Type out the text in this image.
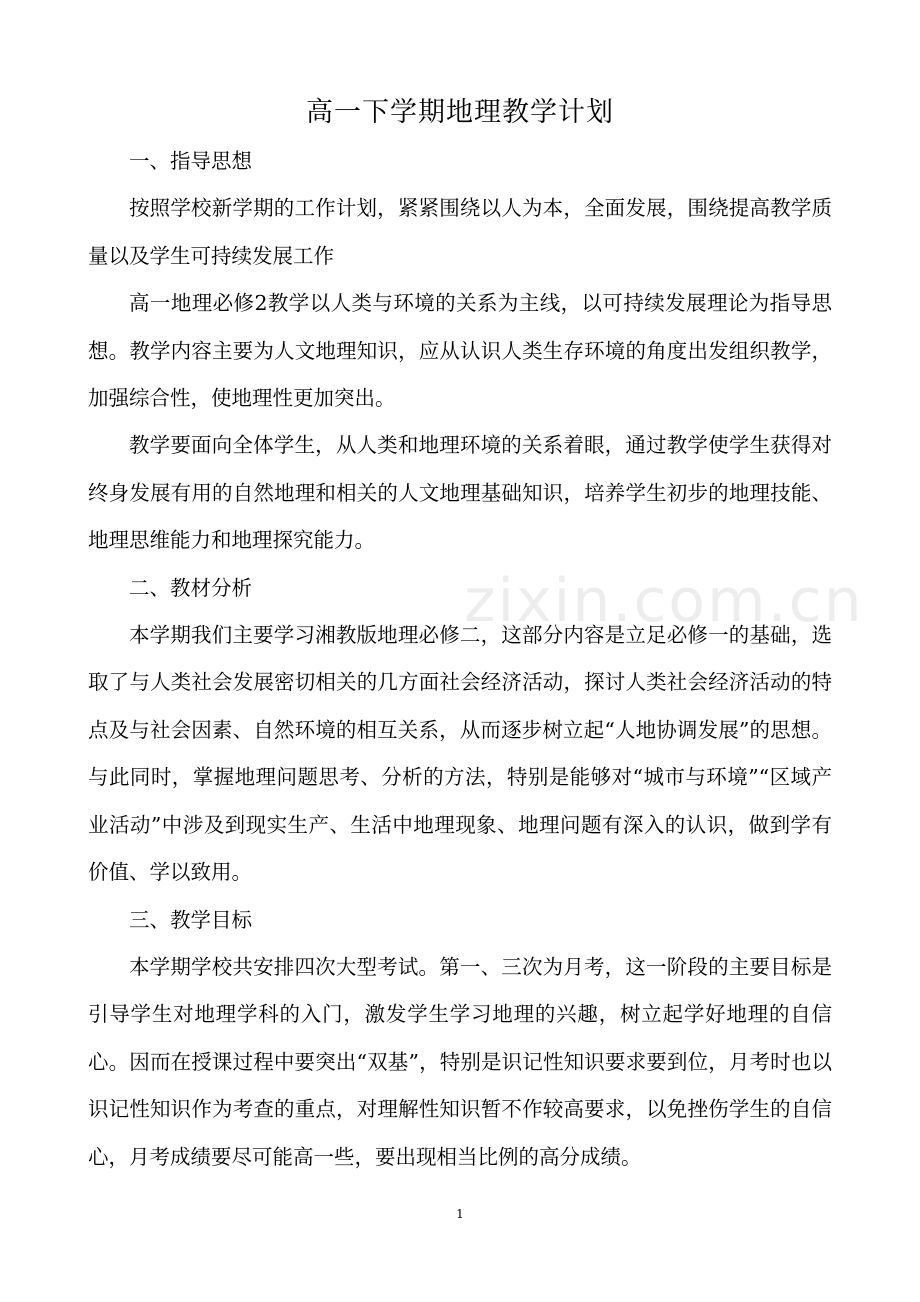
高一下学期地理教学计划

一、指导思想

按照学校新学期的工作计划，紧紧围绕以人为本，全面发展，围绕提高教学质量以及学生可持续发展工作

高一地理必修2教学以人类与环境的关系为主线，以可持续发展理论为指导思想。教学内容主要为人文地理知识，应从认识人类生存环境的角度出发组织教学，加强综合性，使地理性更加突出。

教学要面向全体学生，从人类和地理环境的关系着眼，通过教学使学生获得对终身发展有用的自然地理和相关的人文地理基础知识，培养学生初步的地理技能、地理思维能力和地理探究能力。

二、教材分析

本学期我们主要学习湘教版地理必修二，这部分内容是立足必修一的基础，选取了与人类社会发展密切相关的几方面社会经济活动，探讨人类社会经济活动的特点及与社会因素、自然环境的相互关系，从而逐步树立起“人地协调发展”的思想。与此同时，掌握地理问题思考、分析的方法，特别是能够对“城市与环境”“区域产业活动”中涉及到现实生产、生活中地理现象、地理问题有深入的认识，做到学有价值、学以致用。

三、教学目标

本学期学校共安排四次大型考试。第一、三次为月考，这一阶段的主要目标是引导学生对地理学科的入门，激发学生学习地理的兴趣，树立起学好地理的自信心。因而在授课过程中要突出“双基”，特别是识记性知识要求要到位，月考时也以识记性知识作为考查的重点，对理解性知识暂不作较高要求，以免挫伤学生的自信心，月考成绩要尽可能高一些，要出现相当比例的高分成绩。

zixin.com.cn
1
